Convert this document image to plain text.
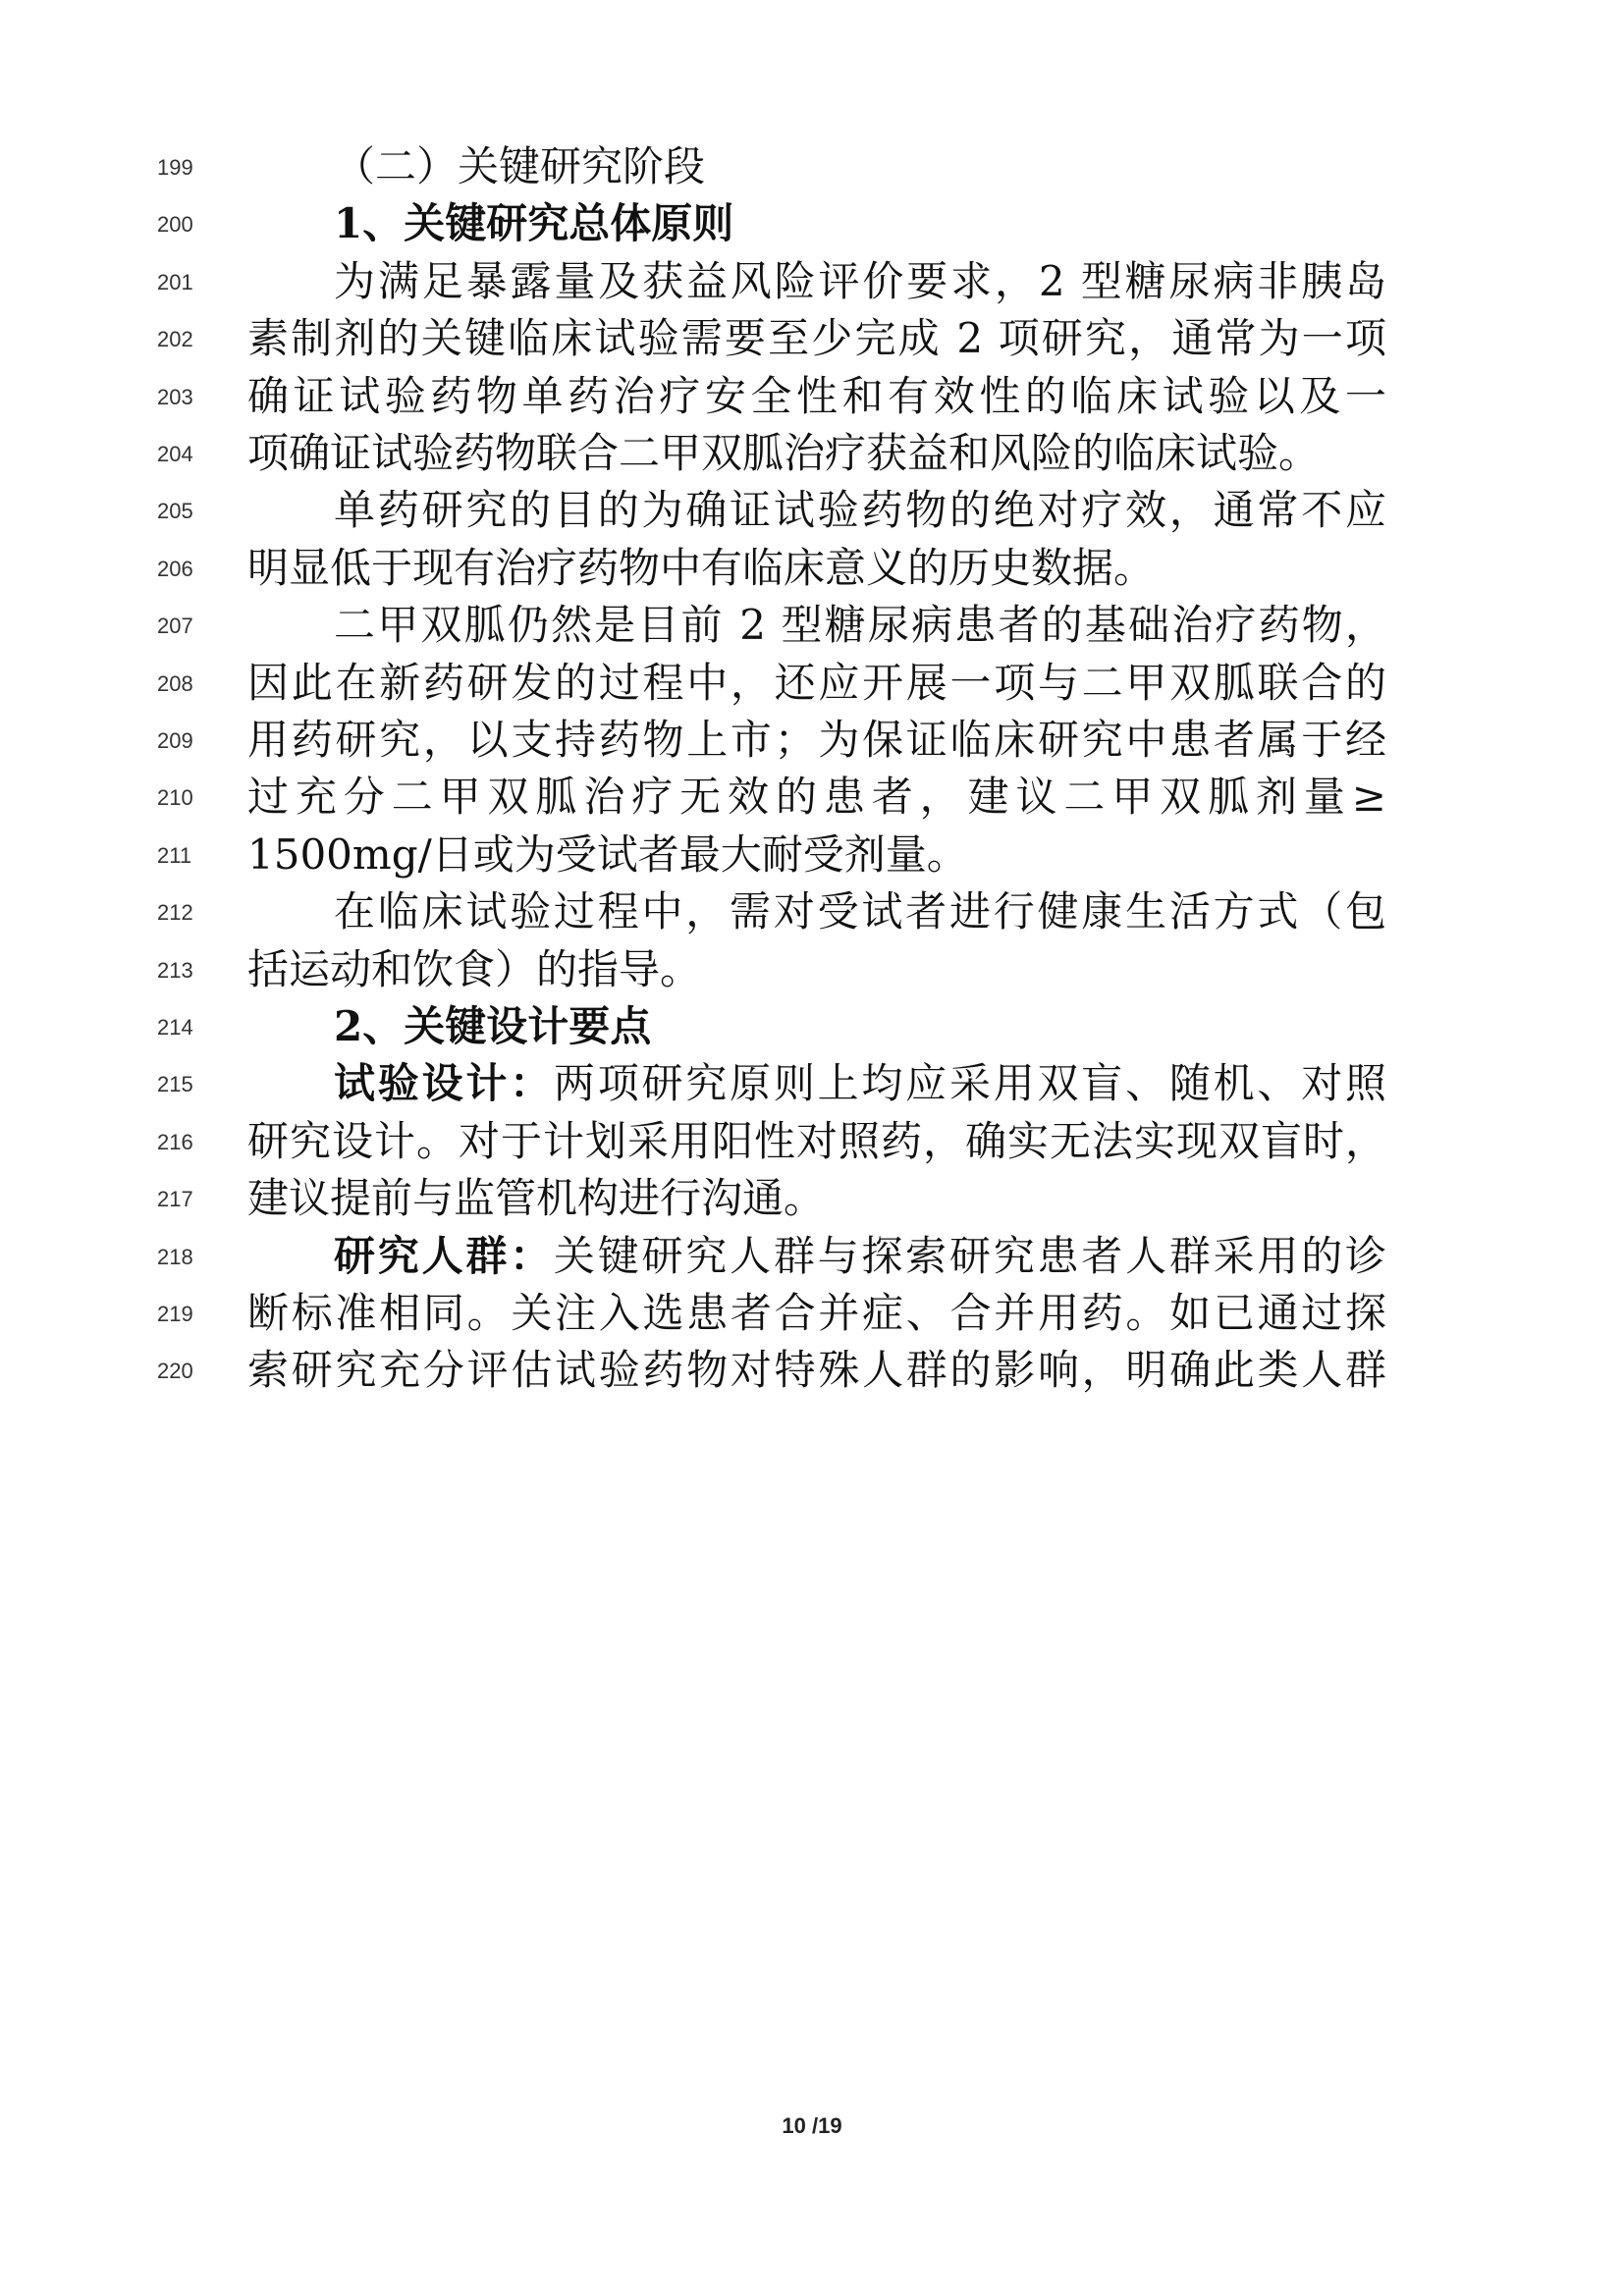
199	（二）关键研究阶段
200	1、关键研究总体原则
201	为满足暴露量及获益风险评价要求，2 型糖尿病非胰岛
202 素制剂的关键临床试验需要至少完成 2 项研究，通常为一项
203 确证试验药物单药治疗安全性和有效性的临床试验以及一
204 项确证试验药物联合二甲双胍治疗获益和风险的临床试验。
205	单药研究的目的为确证试验药物的绝对疗效，通常不应
206 明显低于现有治疗药物中有临床意义的历史数据。
207	二甲双胍仍然是目前 2 型糖尿病患者的基础治疗药物，
208 因此在新药研发的过程中，还应开展一项与二甲双胍联合的
209 用药研究，以支持药物上市；为保证临床研究中患者属于经
210 过充分二甲双胍治疗无效的患者，建议二甲双胍剂量≥
211 1500mg/日或为受试者最大耐受剂量。
212	在临床试验过程中，需对受试者进行健康生活方式（包
213 括运动和饮食）的指导。
214	2、关键设计要点
215	试验设计：两项研究原则上均应采用双盲、随机、对照
216 研究设计。对于计划采用阳性对照药，确实无法实现双盲时，
217 建议提前与监管机构进行沟通。
218	研究人群：关键研究人群与探索研究患者人群采用的诊
219 断标准相同。关注入选患者合并症、合并用药。如已通过探
220 索研究充分评估试验药物对特殊人群的影响，明确此类人群
10 /19
